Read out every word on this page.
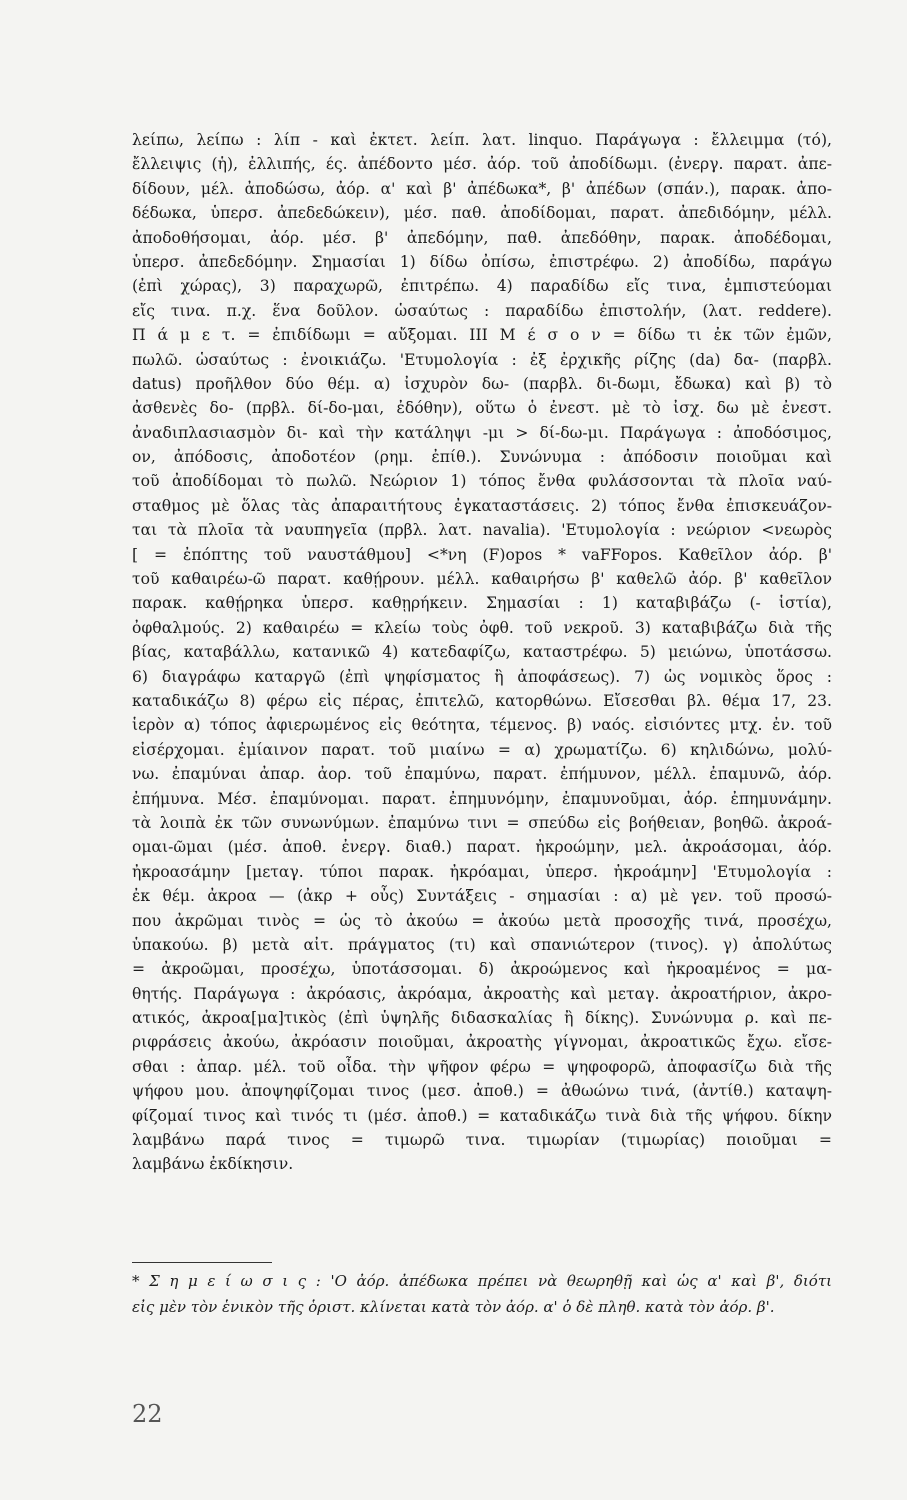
λείπω, λείπω : λίπ - καὶ ἐκτετ. λείπ. λατ. linquo. Παράγωγα : ἔλλειμμα (τό),
ἔλλειψις (ἡ), ἐλλιπής, ές. ἀπέδοντο μέσ. ἀόρ. τοῦ ἀποδίδωμι. (ἐνεργ. παρατ. ἀπε-
δίδουν, μέλ. ἀποδώσω, ἀόρ. α' καὶ β' ἀπέδωκα*, β' ἀπέδων (σπάν.), παρακ. ἀπο-
δέδωκα, ὑπερσ. ἀπεδεδώκειν), μέσ. παθ. ἀποδίδομαι, παρατ. ἀπεδιδόμην, μέλλ.
ἀποδοθήσομαι, ἀόρ. μέσ. β' ἀπεδόμην, παθ. ἀπεδόθην, παρακ. ἀποδέδομαι,
ὑπερσ. ἀπεδεδόμην. Σημασίαι 1) δίδω ὀπίσω, ἐπιστρέφω. 2) ἀποδίδω, παράγω
(ἐπὶ χώρας), 3) παραχωρῶ, ἐπιτρέπω. 4) παραδίδω εἴς τινα, ἐμπιστεύομαι
εἴς τινα. π.χ. ἕνα δοῦλον. ὡσαύτως : παραδίδω ἐπιστολήν, (λατ. reddere).
Π ά μ ε τ. = ἐπιδίδωμι = αὔξομαι. ΙΙΙ Μ έ σ ο ν = δίδω τι ἐκ τῶν ἐμῶν,
πωλῶ. ὡσαύτως : ἐνοικιάζω. 'Ετυμολογία : ἐξ ἐρχικῆς ρίζης (da) δα- (παρβλ.
datus) προῆλθον δύο θέμ. α) ἰσχυρὸν δω- (παρβλ. δι-δωμι, ἔδωκα) καὶ β) τὸ
ἀσθενὲς δο- (πρβλ. δί-δο-μαι, ἐδόθην), οὕτω ὁ ἐνεστ. μὲ τὸ ἰσχ. δω μὲ ἐνεστ.
ἀναδιπλασιασμὸν δι- καὶ τὴν κατάληψι -μι > δί-δω-μι. Παράγωγα : ἀποδόσιμος,
ον, ἀπόδοσις, ἀποδοτέον (ρημ. ἐπίθ.). Συνώνυμα : ἀπόδοσιν ποιοῦμαι καὶ
τοῦ ἀποδίδομαι τὸ πωλῶ. Νεώριον 1) τόπος ἔνθα φυλάσσονται τὰ πλοῖα ναύ-
σταθμος μὲ ὅλας τὰς ἀπαραιτήτους ἐγκαταστάσεις. 2) τόπος ἔνθα ἐπισκευάζον-
ται τὰ πλοῖα τὰ ναυπηγεῖα (πρβλ. λατ. navalia). 'Ετυμολογία : νεώριον <νεωρὸς
[ = ἐπόπτης τοῦ ναυστάθμου] <*νη (F)opos * vaFFopos. Καθεῖλον ἀόρ. β'
τοῦ καθαιρέω-ῶ παρατ. καθῄρουν. μέλλ. καθαιρήσω β' καθελῶ ἀόρ. β' καθεῖλον
παρακ. καθῄρηκα ὑπερσ. καθῃρήκειν. Σημασίαι : 1) καταβιβάζω (- ἱστία),
ὀφθαλμούς. 2) καθαιρέω = κλείω τοὺς ὀφθ. τοῦ νεκροῦ. 3) καταβιβάζω διὰ τῆς
βίας, καταβάλλω, κατανικῶ 4) κατεδαφίζω, καταστρέφω. 5) μειώνω, ὑποτάσσω.
6) διαγράφω καταργῶ (ἐπὶ ψηφίσματος ἢ ἀποφάσεως). 7) ὡς νομικὸς ὅρος :
καταδικάζω 8) φέρω εἰς πέρας, ἐπιτελῶ, κατορθώνω. Εἴσεσθαι βλ. θέμα 17, 23.
ἱερὸν α) τόπος ἀφιερωμένος εἰς θεότητα, τέμενος. β) ναός. εἰσιόντες μτχ. ἐν. τοῦ
εἰσέρχομαι. ἐμίαινον παρατ. τοῦ μιαίνω = α) χρωματίζω. 6) κηλιδώνω, μολύ-
νω. ἐπαμύναι ἀπαρ. ἀορ. τοῦ ἐπαμύνω, παρατ. ἐπήμυνον, μέλλ. ἐπαμυνῶ, ἀόρ.
ἐπήμυνα. Μέσ. ἐπαμύνομαι. παρατ. ἐπημυνόμην, ἐπαμυνοῦμαι, ἀόρ. ἐπημυνάμην.
τὰ λοιπὰ ἐκ τῶν συνωνύμων. ἐπαμύνω τινι = σπεύδω εἰς βοήθειαν, βοηθῶ. ἀκροά-
ομαι-ῶμαι (μέσ. ἀποθ. ἐνεργ. διαθ.) παρατ. ἠκροώμην, μελ. ἀκροάσομαι, ἀόρ.
ἠκροασάμην [μεταγ. τύποι παρακ. ἠκρόαμαι, ὑπερσ. ἠκροάμην] 'Ετυμολογία :
ἐκ θέμ. ἀκροα — (ἀκρ + οὖς) Συντάξεις - σημασίαι : α) μὲ γεν. τοῦ προσώ-
που ἀκρῶμαι τινὸς = ὡς τὸ ἀκούω = ἀκούω μετὰ προσοχῆς τινά, προσέχω,
ὑπακούω. β) μετὰ αἰτ. πράγματος (τι) καὶ σπανιώτερον (τινος). γ) ἀπολύτως
= ἀκροῶμαι, προσέχω, ὑποτάσσομαι. δ) ἀκροώμενος καὶ ἠκροαμένος = μα-
θητής. Παράγωγα : ἀκρόασις, ἀκρόαμα, ἀκροατὴς καὶ μεταγ. ἀκροατήριον, ἀκρο-
ατικός, ἀκροα[μα]τικὸς (ἐπὶ ὑψηλῆς διδασκαλίας ἢ δίκης). Συνώνυμα ρ. καὶ πε-
ριφράσεις ἀκούω, ἀκρόασιν ποιοῦμαι, ἀκροατὴς γίγνομαι, ἀκροατικῶς ἔχω. εἴσε-
σθαι : ἀπαρ. μέλ. τοῦ οἶδα. τὴν ψῆφον φέρω = ψηφοφορῶ, ἀποφασίζω διὰ τῆς
ψήφου μου. ἀποψηφίζομαι τινος (μεσ. ἀποθ.) = ἀθωώνω τινά, (ἀντίθ.) καταψη-
φίζομαί τινος καὶ τινός τι (μέσ. ἀποθ.) = καταδικάζω τινὰ διὰ τῆς ψήφου. δίκην
λαμβάνω παρά τινος = τιμωρῶ τινα. τιμωρίαν (τιμωρίας) ποιοῦμαι =
λαμβάνω ἐκδίκησιν.
* Σ η μ ε ί ω σ ι ς : 'Ο ἀόρ. ἀπέδωκα πρέπει νὰ θεωρηθῇ καὶ ὡς α' καὶ β', διότι
εἰς μὲν τὸν ἑνικὸν τῆς ὁριστ. κλίνεται κατὰ τὸν ἀόρ. α' ὁ δὲ πληθ. κατὰ τὸν ἀόρ. β'.
22
